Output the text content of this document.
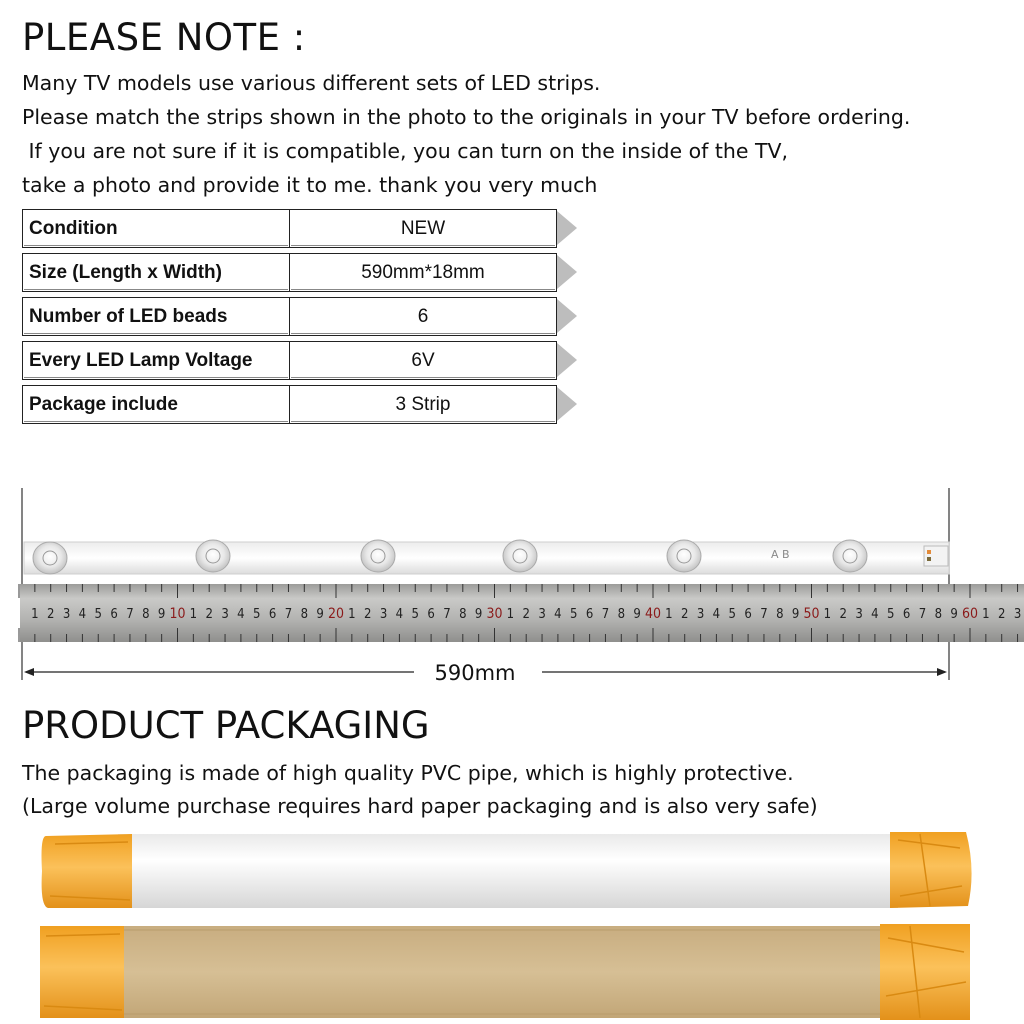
PLEASE NOTE :
Many TV models use various different sets of LED strips.
Please match the strips shown in the photo to the originals in your TV before ordering.
If you are not sure if it is compatible, you can turn on the inside of the TV,
take a photo and provide it to me. thank you very much
Condition	NEW
Size (Length x Width)	590mm*18mm
Number of LED beads	6
Every LED Lamp Voltage	6V
Package include	3 Strip
A B
1 2 3 4 5 6 7 8 9 10 1 2 3 4 5 6 7 8 9 20 1 2 3 4 5 6 7 8 9 30 1 2 3 4 5 6 7 8 9 40 1 2 3 4 5 6 7 8 9 50 1 2 3 4 5 6 7 8 9 60 1 2 3
590mm
PRODUCT PACKAGING
The packaging is made of high quality PVC pipe, which is highly protective.
(Large volume purchase requires hard paper packaging and is also very safe)
